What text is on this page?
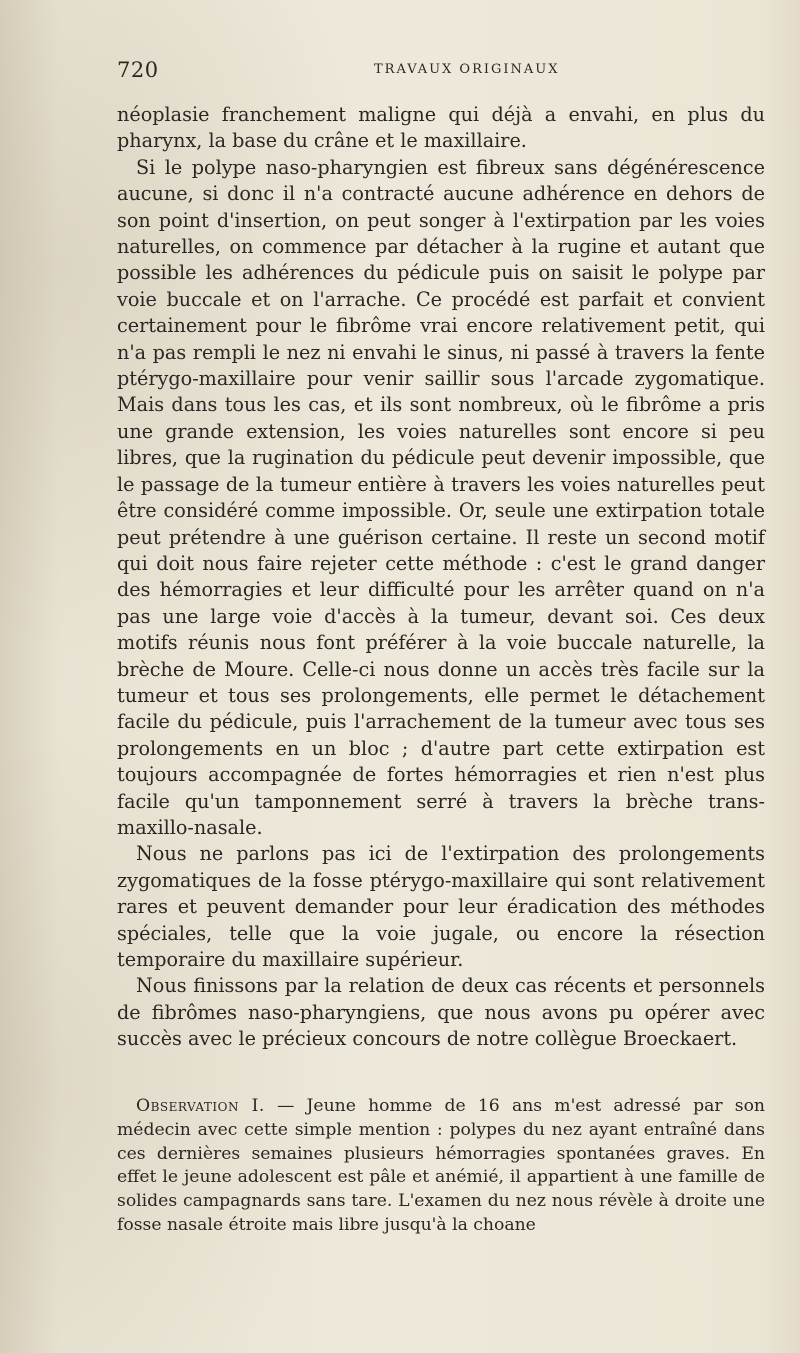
720	TRAVAUX ORIGINAUX

néoplasie franchement maligne qui déjà a envahi, en plus du pharynx, la base du crâne et le maxillaire.

Si le polype naso-pharyngien est fibreux sans dégénérescence aucune, si donc il n'a contracté aucune adhérence en dehors de son point d'insertion, on peut songer à l'extirpation par les voies naturelles, on commence par détacher à la rugine et autant que possible les adhérences du pédicule puis on saisit le polype par voie buccale et on l'arrache. Ce procédé est parfait et convient certainement pour le fibrôme vrai encore relativement petit, qui n'a pas rempli le nez ni envahi le sinus, ni passé à travers la fente ptérygo-maxillaire pour venir saillir sous l'arcade zygomatique. Mais dans tous les cas, et ils sont nombreux, où le fibrôme a pris une grande extension, les voies naturelles sont encore si peu libres, que la rugination du pédicule peut devenir impossible, que le passage de la tumeur entière à travers les voies naturelles peut être considéré comme impossible. Or, seule une extirpation totale peut prétendre à une guérison certaine. Il reste un second motif qui doit nous faire rejeter cette méthode : c'est le grand danger des hémorragies et leur difficulté pour les arrêter quand on n'a pas une large voie d'accès à la tumeur, devant soi. Ces deux motifs réunis nous font préférer à la voie buccale naturelle, la brèche de Moure. Celle-ci nous donne un accès très facile sur la tumeur et tous ses prolongements, elle permet le détachement facile du pédicule, puis l'arrachement de la tumeur avec tous ses prolongements en un bloc ; d'autre part cette extirpation est toujours accompagnée de fortes hémorragies et rien n'est plus facile qu'un tamponnement serré à travers la brèche trans-maxillo-nasale.

Nous ne parlons pas ici de l'extirpation des prolongements zygomatiques de la fosse ptérygo-maxillaire qui sont relativement rares et peuvent demander pour leur éradication des méthodes spéciales, telle que la voie jugale, ou encore la résection temporaire du maxillaire supérieur.

Nous finissons par la relation de deux cas récents et personnels de fibrômes naso-pharyngiens, que nous avons pu opérer avec succès avec le précieux concours de notre collègue Broeckaert.

Observation I. — Jeune homme de 16 ans m'est adressé par son médecin avec cette simple mention : polypes du nez ayant entraîné dans ces dernières semaines plusieurs hémorragies spontanées graves. En effet le jeune adolescent est pâle et anémié, il appartient à une famille de solides campagnards sans tare. L'examen du nez nous révèle à droite une fosse nasale étroite mais libre jusqu'à la choane
